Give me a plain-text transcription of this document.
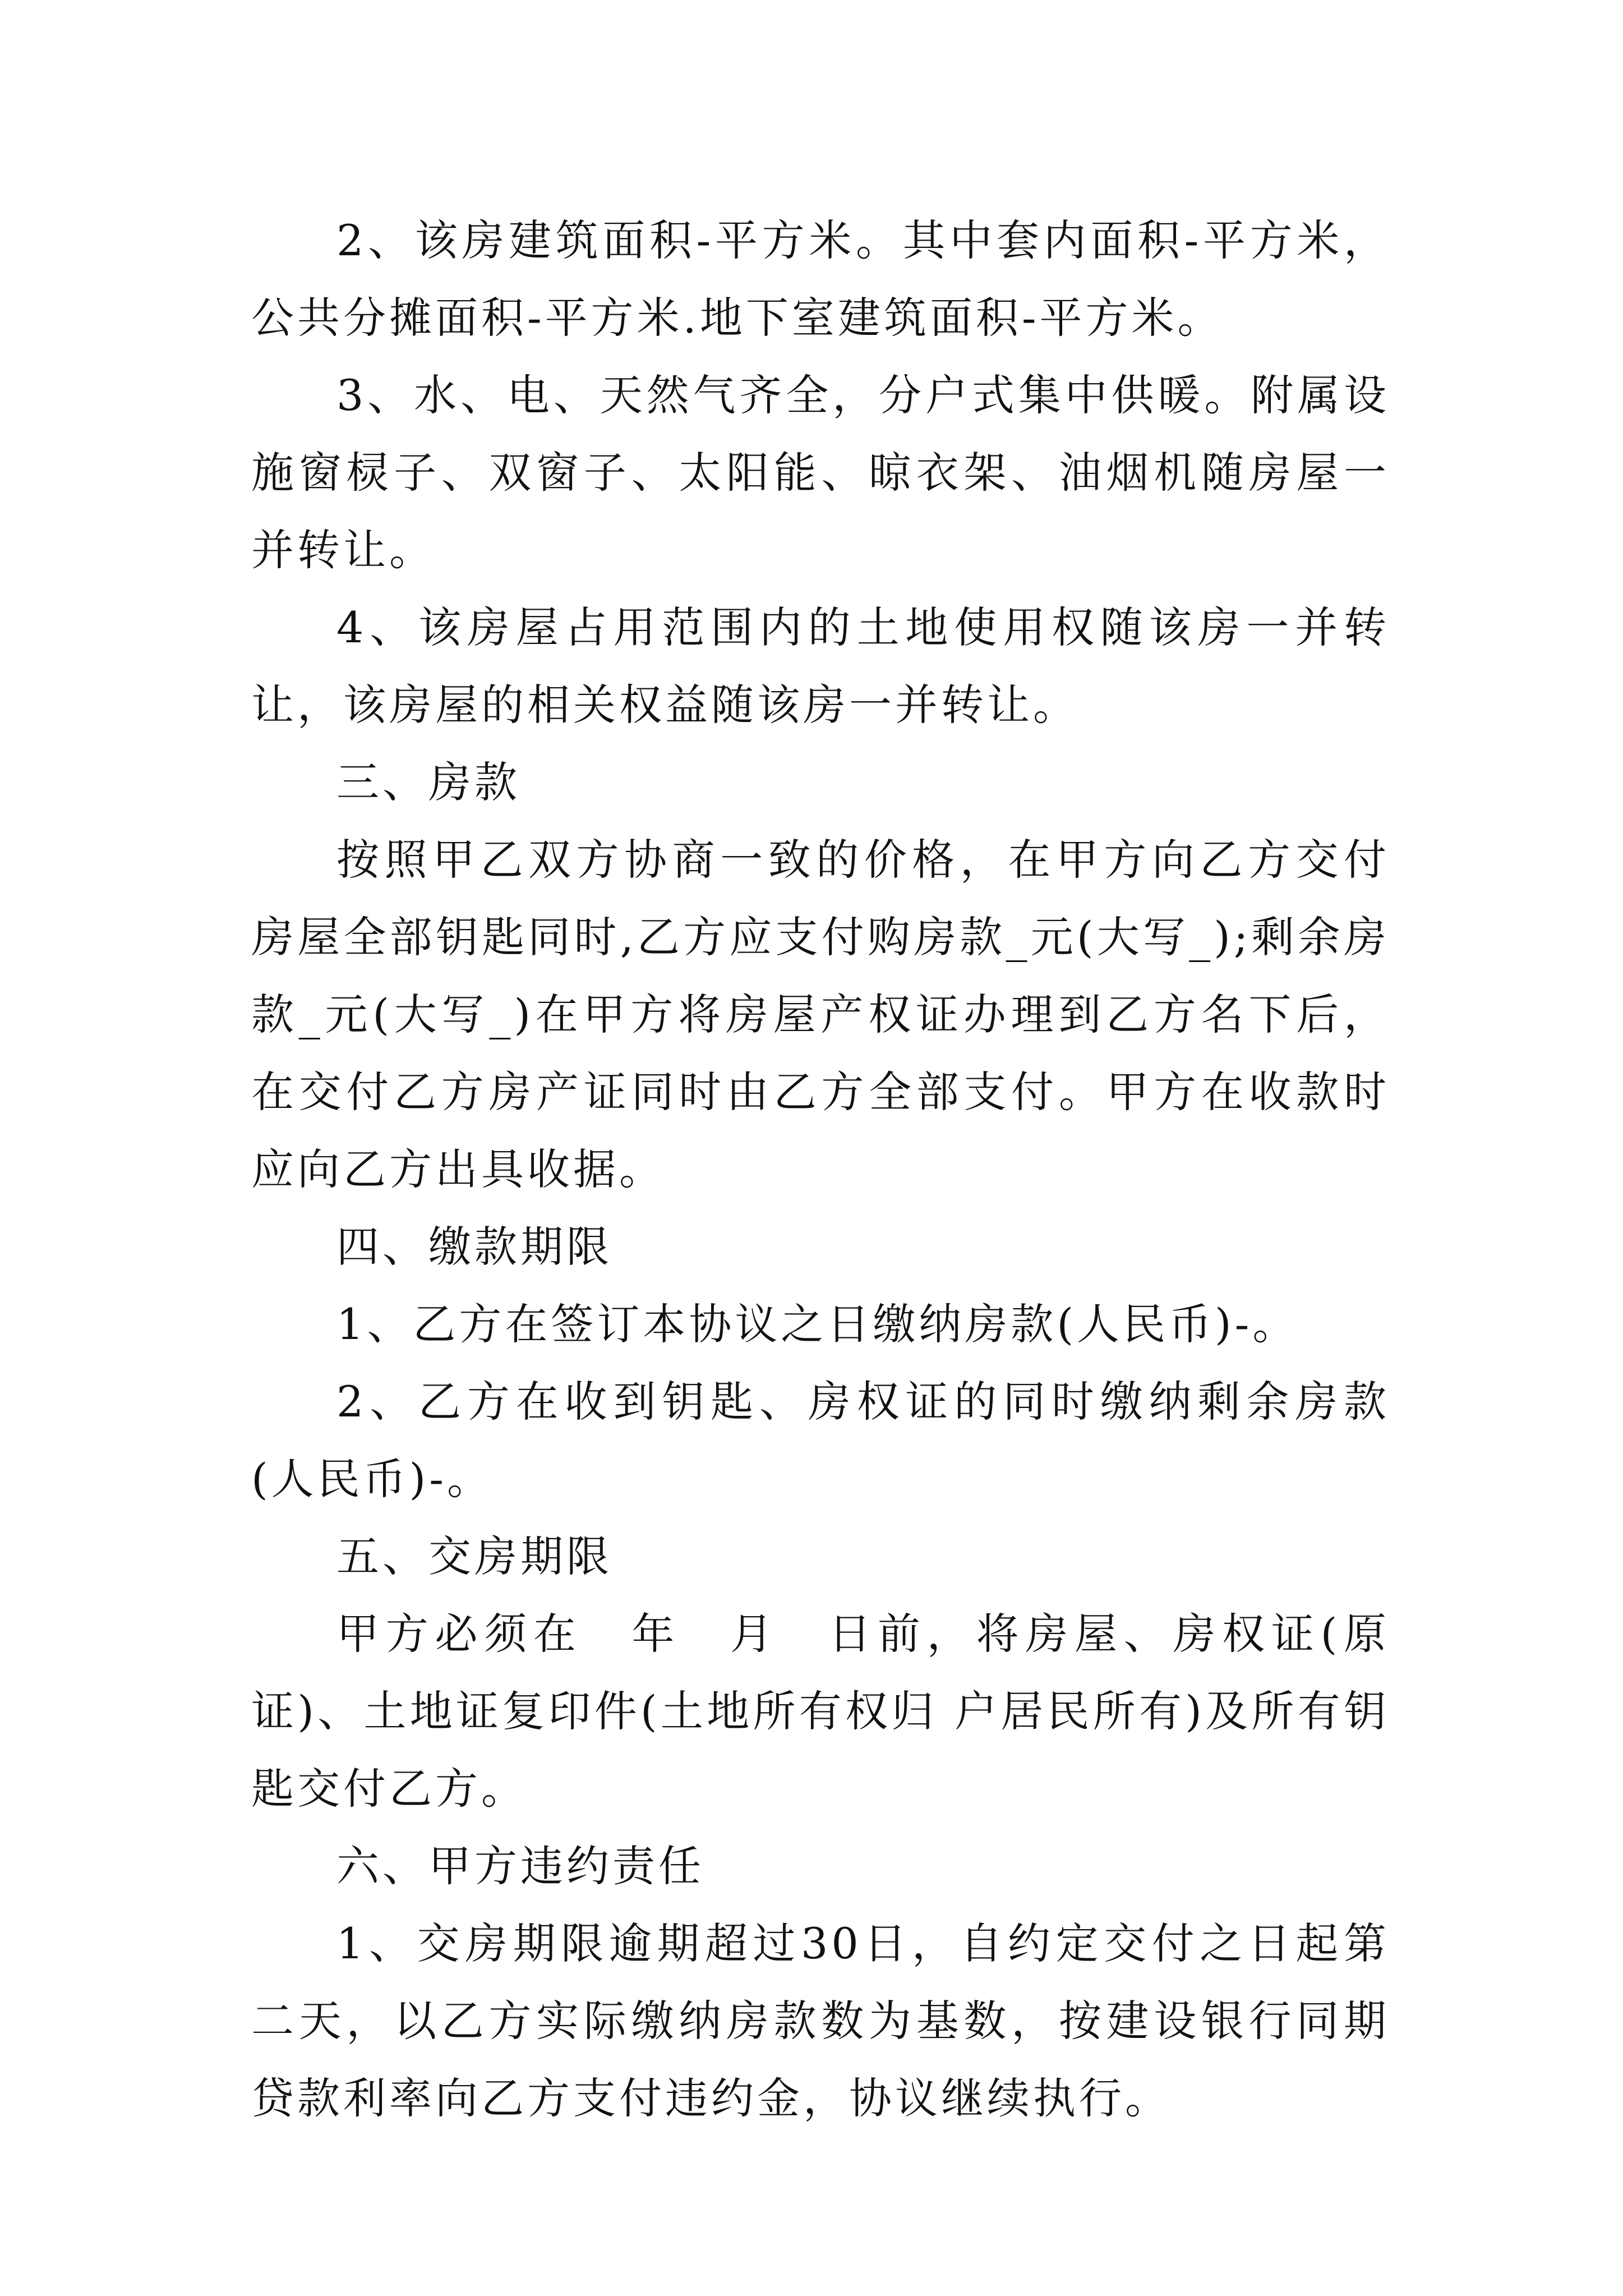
2、该房建筑面积-平方米。其中套内面积-平方米，公共分摊面积-平方米.地下室建筑面积-平方米。

3、水、电、天然气齐全，分户式集中供暖。附属设施窗棂子、双窗子、太阳能、晾衣架、油烟机随房屋一并转让。

4、该房屋占用范围内的土地使用权随该房一并转让，该房屋的相关权益随该房一并转让。

三、房款

按照甲乙双方协商一致的价格，在甲方向乙方交付房屋全部钥匙同时,乙方应支付购房款_元(大写_);剩余房款_元(大写_)在甲方将房屋产权证办理到乙方名下后，在交付乙方房产证同时由乙方全部支付。甲方在收款时应向乙方出具收据。

四、缴款期限

1、乙方在签订本协议之日缴纳房款(人民币)-。

2、乙方在收到钥匙、房权证的同时缴纳剩余房款(人民币)-。

五、交房期限

甲方必须在　年　月　日前，将房屋、房权证(原证)、土地证复印件(土地所有权归 户居民所有)及所有钥匙交付乙方。

六、甲方违约责任

1、交房期限逾期超过30日，自约定交付之日起第二天，以乙方实际缴纳房款数为基数，按建设银行同期贷款利率向乙方支付违约金，协议继续执行。
